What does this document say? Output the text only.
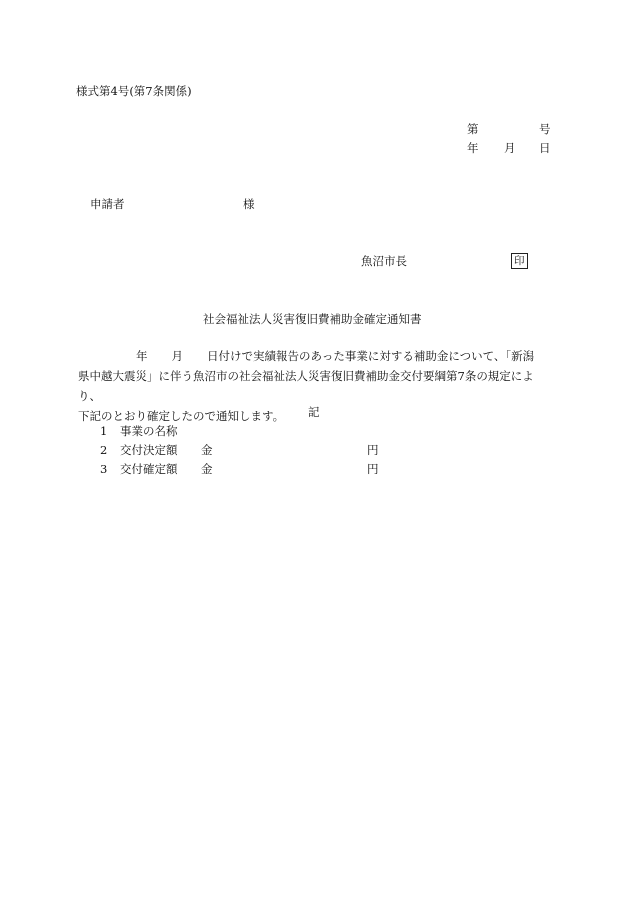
様式第4号(第7条関係)
第	号
年 月 日
申請者	様
魚沼市長	印
社会福祉法人災害復旧費補助金確定通知書
年 月 日付けで実績報告のあった事業に対する補助金について、「新潟
県中越大震災」に伴う魚沼市の社会福祉法人災害復旧費補助金交付要綱第7条の規定により、
下記のとおり確定したので通知します。	記
1 事業の名称
2 交付決定額 金	円
3 交付確定額 金	円
